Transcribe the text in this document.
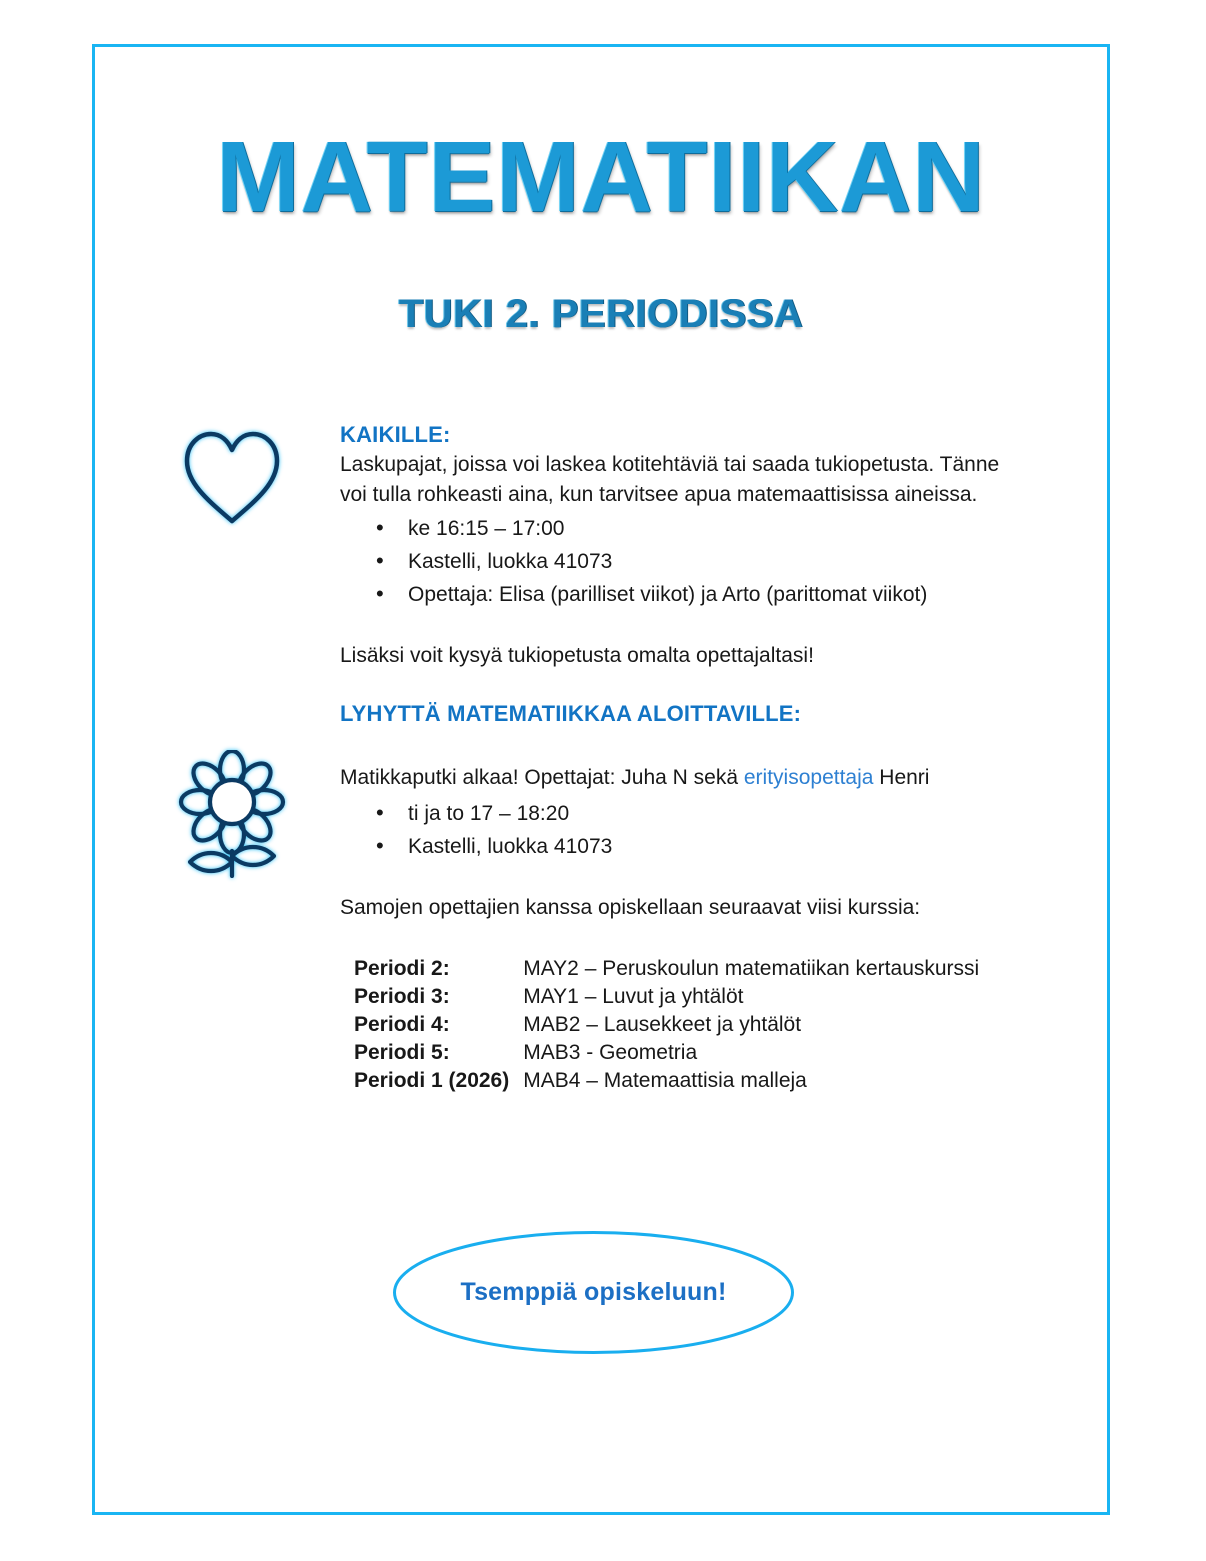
MATEMATIIKAN
TUKI 2. PERIODISSA
KAIKILLE:

Laskupajat, joissa voi laskea kotitehtäviä tai saada tukiopetusta. Tänne voi tulla rohkeasti aina, kun tarvitsee apua matemaattisissa aineissa.

• ke 16:15 – 17:00
• Kastelli, luokka 41073
• Opettaja: Elisa (parilliset viikot) ja Arto (parittomat viikot)

Lisäksi voit kysyä tukiopetusta omalta opettajaltasi!

LYHYTTÄ MATEMATIIKKAA ALOITTAVILLE:

Matikkaputki alkaa! Opettajat: Juha N sekä erityisopettaja Henri

• ti ja to 17 – 18:20
• Kastelli, luokka 41073

Samojen opettajien kanssa opiskellaan seuraavat viisi kurssia:

Periodi 2:	MAY2 – Peruskoulun matematiikan kertauskurssi
Periodi 3:	MAY1 – Luvut ja yhtälöt
Periodi 4:	MAB2 – Lausekkeet ja yhtälöt
Periodi 5:	MAB3 - Geometria
Periodi 1 (2026)	MAB4 – Matemaattisia malleja
Tsemppiä opiskeluun!
